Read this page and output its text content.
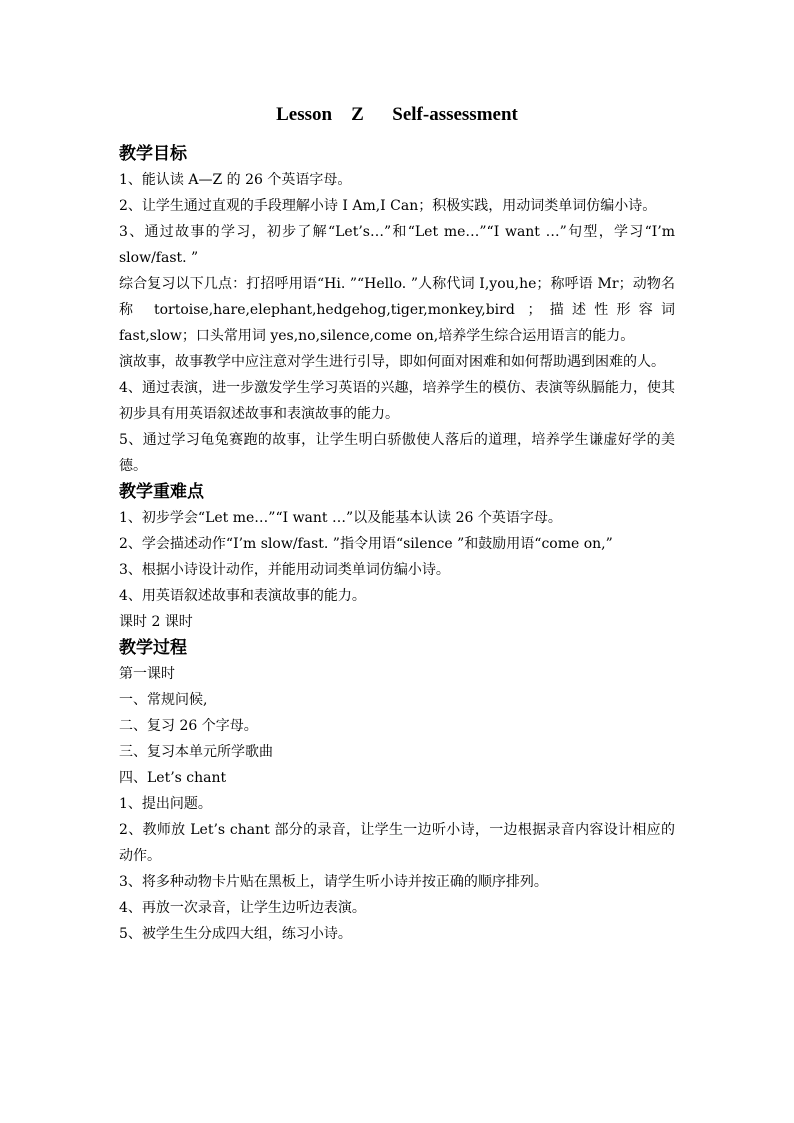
Lesson    Z      Self-assessment
教学目标
1、能认读 A—Z 的 26 个英语字母。
2、让学生通过直观的手段理解小诗 I Am,I Can；积极实践，用动词类单词仿编小诗。
3、通过故事的学习，初步了解“Let’s…”和“Let me…”“I want …”句型，学习“I’m slow/fast. ”
综合复习以下几点：打招呼用语“Hi. ”“Hello. ”人称代词 I,you,he；称呼语 Mr；动物名称 tortoise,hare,elephant,hedgehog,tiger,monkey,bird ；描述性形容词 fast,slow；口头常用词 yes,no,silence,come on,培养学生综合运用语言的能力。
演故事，故事教学中应注意对学生进行引导，即如何面对困难和如何帮助遇到困难的人。
4、通过表演，进一步激发学生学习英语的兴趣，培养学生的模仿、表演等纵膈能力，使其初步具有用英语叙述故事和表演故事的能力。
5、通过学习龟兔赛跑的故事，让学生明白骄傲使人落后的道理，培养学生谦虚好学的美德。
教学重难点
1、初步学会“Let me…”“I want …”以及能基本认读 26 个英语字母。
2、学会描述动作“I’m slow/fast. ”指令用语“silence ”和鼓励用语“come on,”
3、根据小诗设计动作，并能用动词类单词仿编小诗。
4、用英语叙述故事和表演故事的能力。
课时 2 课时
教学过程
第一课时
一、常规问候,
二、复习 26 个字母。
三、复习本单元所学歌曲
四、Let’s chant
1、提出问题。
2、教师放 Let’s chant 部分的录音，让学生一边听小诗，一边根据录音内容设计相应的动作。
3、将多种动物卡片贴在黑板上，请学生听小诗并按正确的顺序排列。
4、再放一次录音，让学生边听边表演。
5、被学生生分成四大组，练习小诗。
